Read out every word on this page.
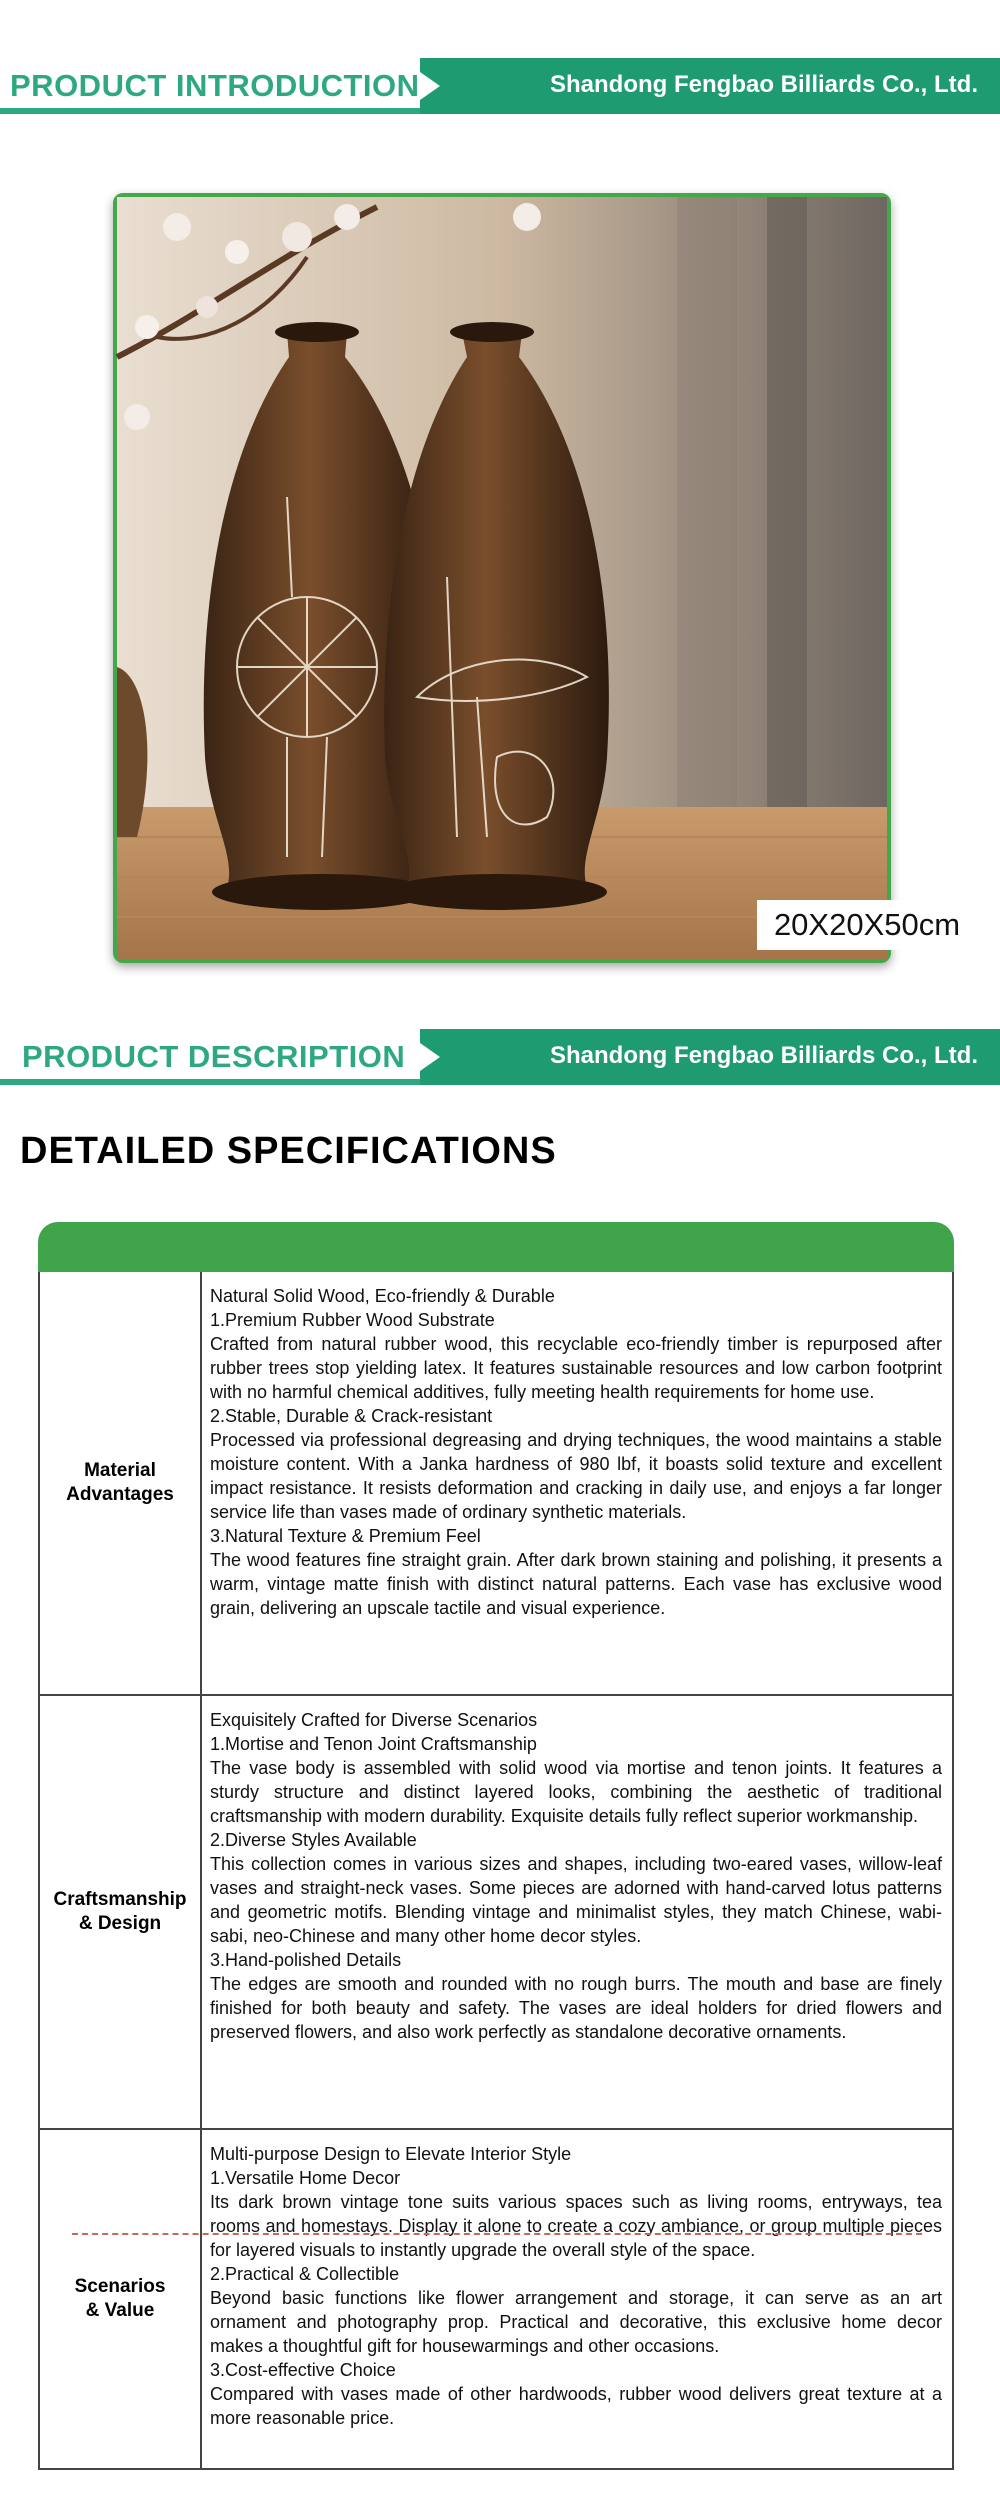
PRODUCT INTRODUCTION	Shandong Fengbao Billiards Co., Ltd.
20X20X50cm
PRODUCT DESCRIPTION	Shandong Fengbao Billiards Co., Ltd.
DETAILED SPECIFICATIONS
Material
Advantages

Natural Solid Wood, Eco-friendly & Durable

1.Premium Rubber Wood Substrate

Crafted from natural rubber wood, this recyclable eco-friendly timber is repurposed after rubber trees stop yielding latex. It features sustainable resources and low carbon footprint with no harmful chemical additives, fully meeting health requirements for home use.

2.Stable, Durable & Crack-resistant

Processed via professional degreasing and drying techniques, the wood maintains a stable moisture content. With a Janka hardness of 980 lbf, it boasts solid texture and excellent impact resistance. It resists deformation and cracking in daily use, and enjoys a far longer service life than vases made of ordinary synthetic materials.

3.Natural Texture & Premium Feel

The wood features fine straight grain. After dark brown staining and polishing, it presents a warm, vintage matte finish with distinct natural patterns. Each vase has exclusive wood grain, delivering an upscale tactile and visual experience.

Craftsmanship
& Design

Exquisitely Crafted for Diverse Scenarios

1.Mortise and Tenon Joint Craftsmanship

The vase body is assembled with solid wood via mortise and tenon joints. It features a sturdy structure and distinct layered looks, combining the aesthetic of traditional craftsmanship with modern durability. Exquisite details fully reflect superior workmanship.

2.Diverse Styles Available

This collection comes in various sizes and shapes, including two-eared vases, willow-leaf vases and straight-neck vases. Some pieces are adorned with hand-carved lotus patterns and geometric motifs. Blending vintage and minimalist styles, they match Chinese, wabi-sabi, neo-Chinese and many other home decor styles.

3.Hand-polished Details

The edges are smooth and rounded with no rough burrs. The mouth and base are finely finished for both beauty and safety. The vases are ideal holders for dried flowers and preserved flowers, and also work perfectly as standalone decorative ornaments.

Scenarios
& Value

Multi-purpose Design to Elevate Interior Style

1.Versatile Home Decor

Its dark brown vintage tone suits various spaces such as living rooms, entryways, tea rooms and homestays. Display it alone to create a cozy ambiance, or group multiple pieces for layered visuals to instantly upgrade the overall style of the space.

2.Practical & Collectible

Beyond basic functions like flower arrangement and storage, it can serve as an art ornament and photography prop. Practical and decorative, this exclusive home decor makes a thoughtful gift for housewarmings and other occasions.

3.Cost-effective Choice

Compared with vases made of other hardwoods, rubber wood delivers great texture at a more reasonable price.
